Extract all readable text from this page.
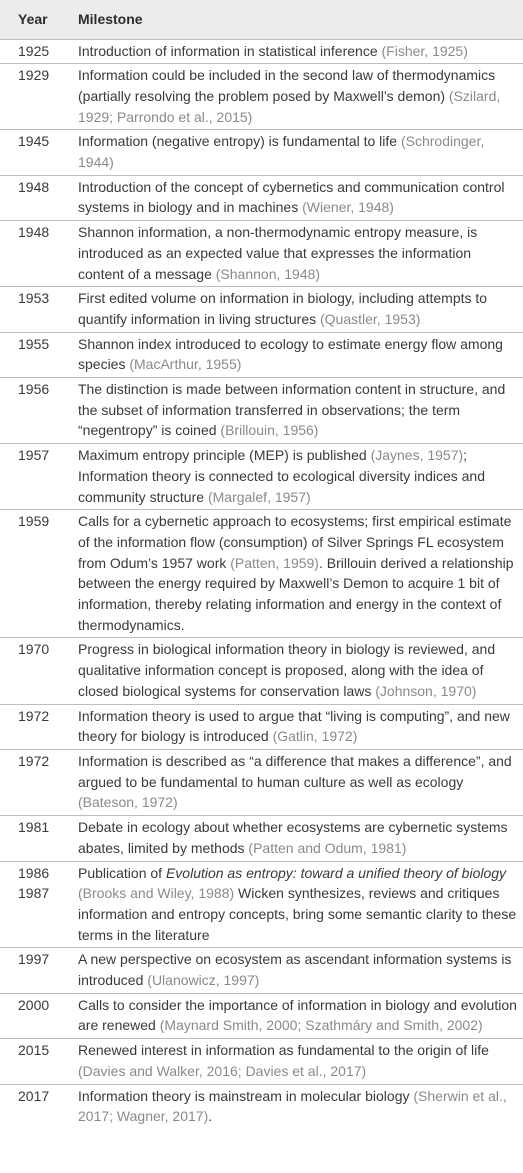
Year	Milestone

1925	Introduction of information in statistical inference (Fisher, 1925)

1929	Information could be included in the second law of thermodynamics (partially resolving the problem posed by Maxwell’s demon) (Szilard, 1929; Parrondo et al., 2015)

1945	Information (negative entropy) is fundamental to life (Schrodinger, 1944)

1948	Introduction of the concept of cybernetics and communication control systems in biology and in machines (Wiener, 1948)

1948	Shannon information, a non-thermodynamic entropy measure, is introduced as an expected value that expresses the information content of a message (Shannon, 1948)

1953	First edited volume on information in biology, including attempts to quantify information in living structures (Quastler, 1953)

1955	Shannon index introduced to ecology to estimate energy flow among species (MacArthur, 1955)

1956	The distinction is made between information content in structure, and the subset of information transferred in observations; the term “negentropy” is coined (Brillouin, 1956)

1957	Maximum entropy principle (MEP) is published (Jaynes, 1957); Information theory is connected to ecological diversity indices and community structure (Margalef, 1957)

1959	Calls for a cybernetic approach to ecosystems; first empirical estimate of the information flow (consumption) of Silver Springs FL ecosystem from Odum’s 1957 work (Patten, 1959). Brillouin derived a relationship between the energy required by Maxwell’s Demon to acquire 1 bit of information, thereby relating information and energy in the context of thermodynamics.

1970	Progress in biological information theory in biology is reviewed, and qualitative information concept is proposed, along with the idea of closed biological systems for conservation laws (Johnson, 1970)

1972	Information theory is used to argue that “living is computing”, and new theory for biology is introduced (Gatlin, 1972)

1972	Information is described as “a difference that makes a difference”, and argued to be fundamental to human culture as well as ecology (Bateson, 1972)

1981	Debate in ecology about whether ecosystems are cybernetic systems abates, limited by methods (Patten and Odum, 1981)

1986
1987	Publication of Evolution as entropy: toward a unified theory of biology (Brooks and Wiley, 1988) Wicken synthesizes, reviews and critiques information and entropy concepts, bring some semantic clarity to these terms in the literature

1997	A new perspective on ecosystem as ascendant information systems is introduced (Ulanowicz, 1997)

2000	Calls to consider the importance of information in biology and evolution are renewed (Maynard Smith, 2000; Szathmáry and Smith, 2002)

2015	Renewed interest in information as fundamental to the origin of life (Davies and Walker, 2016; Davies et al., 2017)

2017	Information theory is mainstream in molecular biology (Sherwin et al., 2017; Wagner, 2017).
